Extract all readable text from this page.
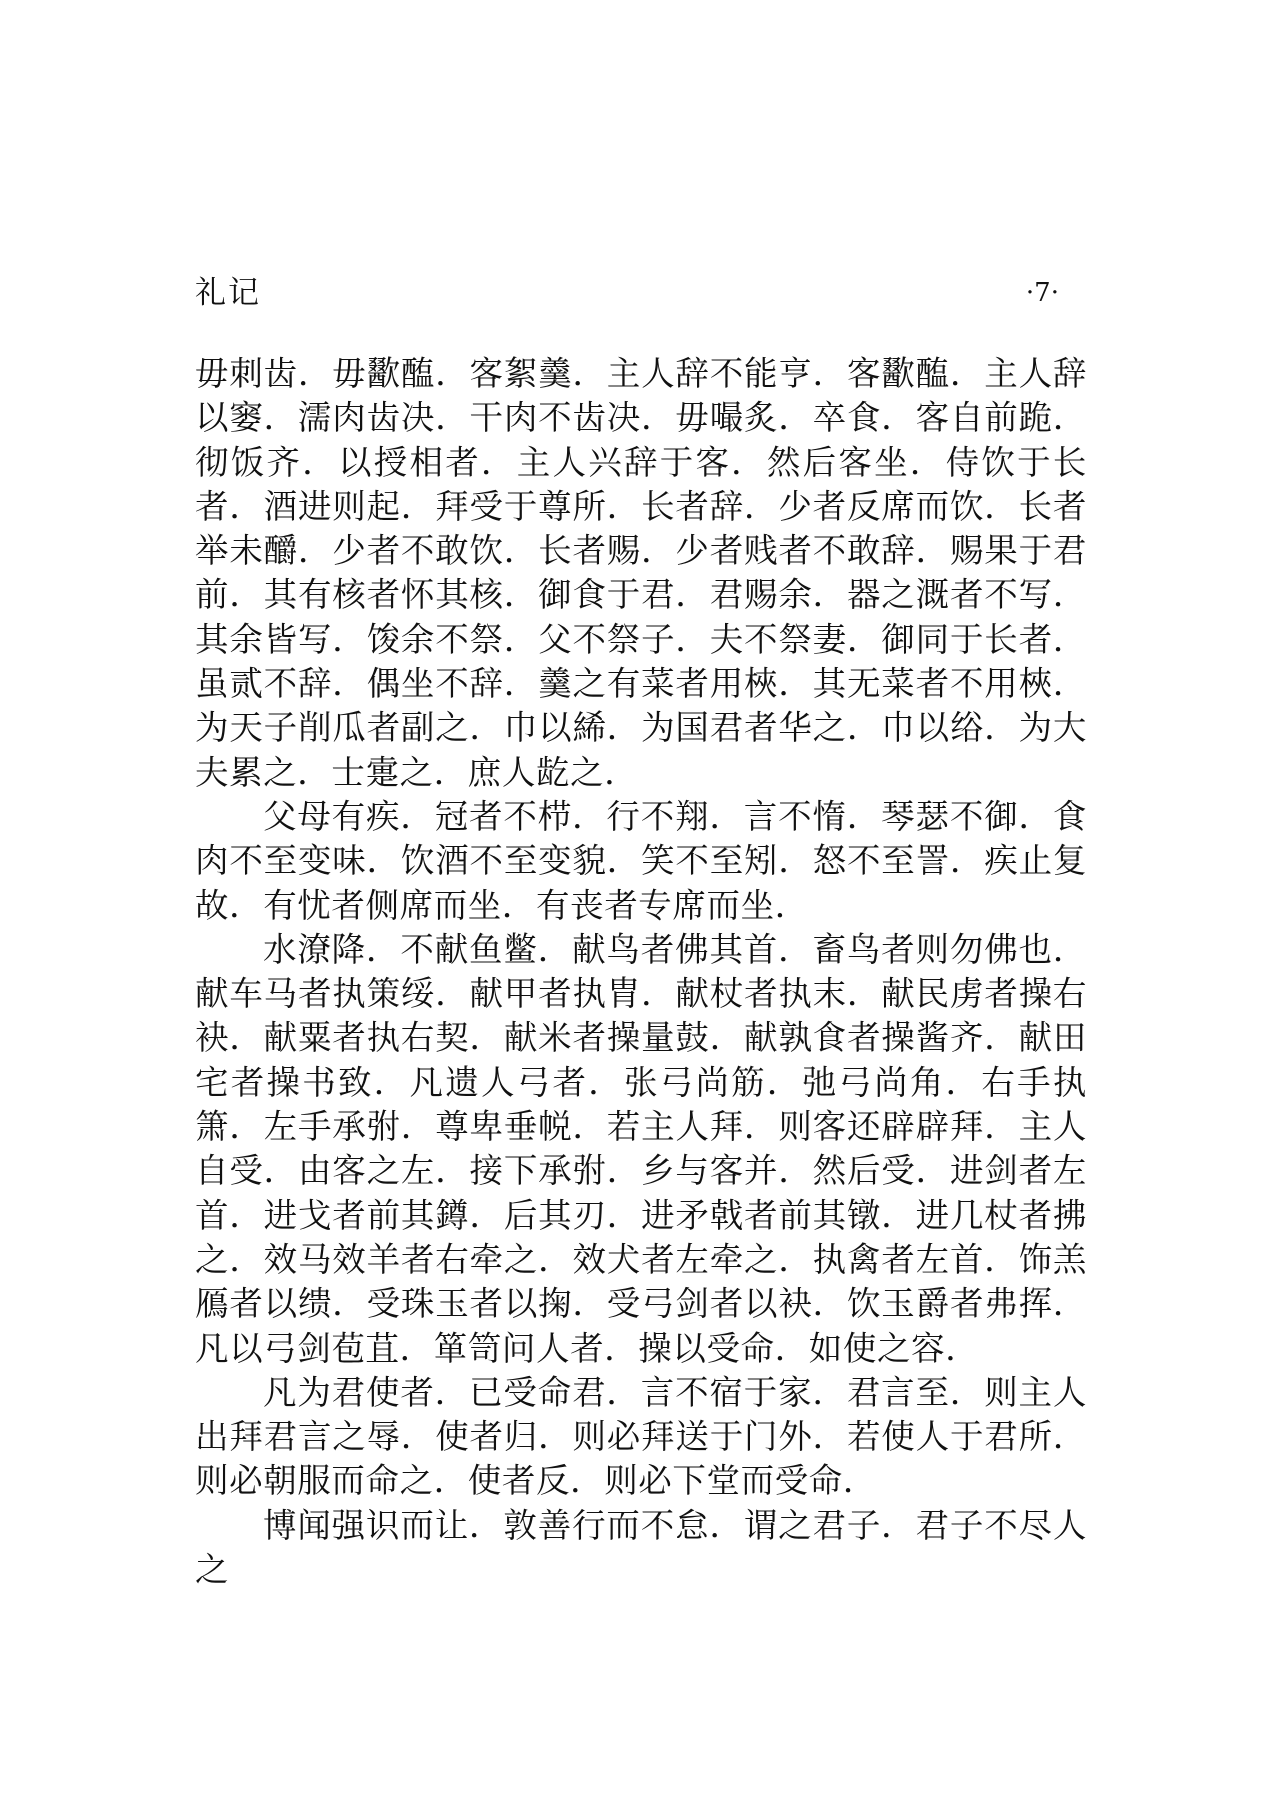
礼记	·7·

毋刺齿．毋歠醢．客絮羹．主人辞不能亨．客歠醢．主人辞以窭．濡肉齿决．干肉不齿决．毋嘬炙．卒食．客自前跪．彻饭齐．以授相者．主人兴辞于客．然后客坐．侍饮于长者．酒进则起．拜受于尊所．长者辞．少者反席而饮．长者举未釂．少者不敢饮．长者赐．少者贱者不敢辞．赐果于君前．其有核者怀其核．御食于君．君赐余．器之溉者不写．其余皆写．馂余不祭．父不祭子．夫不祭妻．御同于长者．虽贰不辞．偶坐不辞．羹之有菜者用梜．其无菜者不用梜．为天子削瓜者副之．巾以絺．为国君者华之．巾以绤．为大夫累之．士疐之．庶人龁之．

父母有疾．冠者不栉．行不翔．言不惰．琴瑟不御．食肉不至变味．饮酒不至变貌．笑不至矧．怒不至詈．疾止复故．有忧者侧席而坐．有丧者专席而坐．

水潦降．不献鱼鳖．献鸟者佛其首．畜鸟者则勿佛也．献车马者执策绥．献甲者执胄．献杖者执末．献民虏者操右袂．献粟者执右契．献米者操量鼓．献孰食者操酱齐．献田宅者操书致．凡遗人弓者．张弓尚筋．弛弓尚角．右手执箫．左手承弣．尊卑垂帨．若主人拜．则客还辟辟拜．主人自受．由客之左．接下承弣．乡与客并．然后受．进剑者左首．进戈者前其鐏．后其刃．进矛戟者前其镦．进几杖者拂之．效马效羊者右牵之．效犬者左牵之．执禽者左首．饰羔鴈者以缋．受珠玉者以掬．受弓剑者以袂．饮玉爵者弗挥．凡以弓剑苞苴．箪笥问人者．操以受命．如使之容．

凡为君使者．已受命君．言不宿于家．君言至．则主人出拜君言之辱．使者归．则必拜送于门外．若使人于君所．则必朝服而命之．使者反．则必下堂而受命．

博闻强识而让．敦善行而不怠．谓之君子．君子不尽人之
